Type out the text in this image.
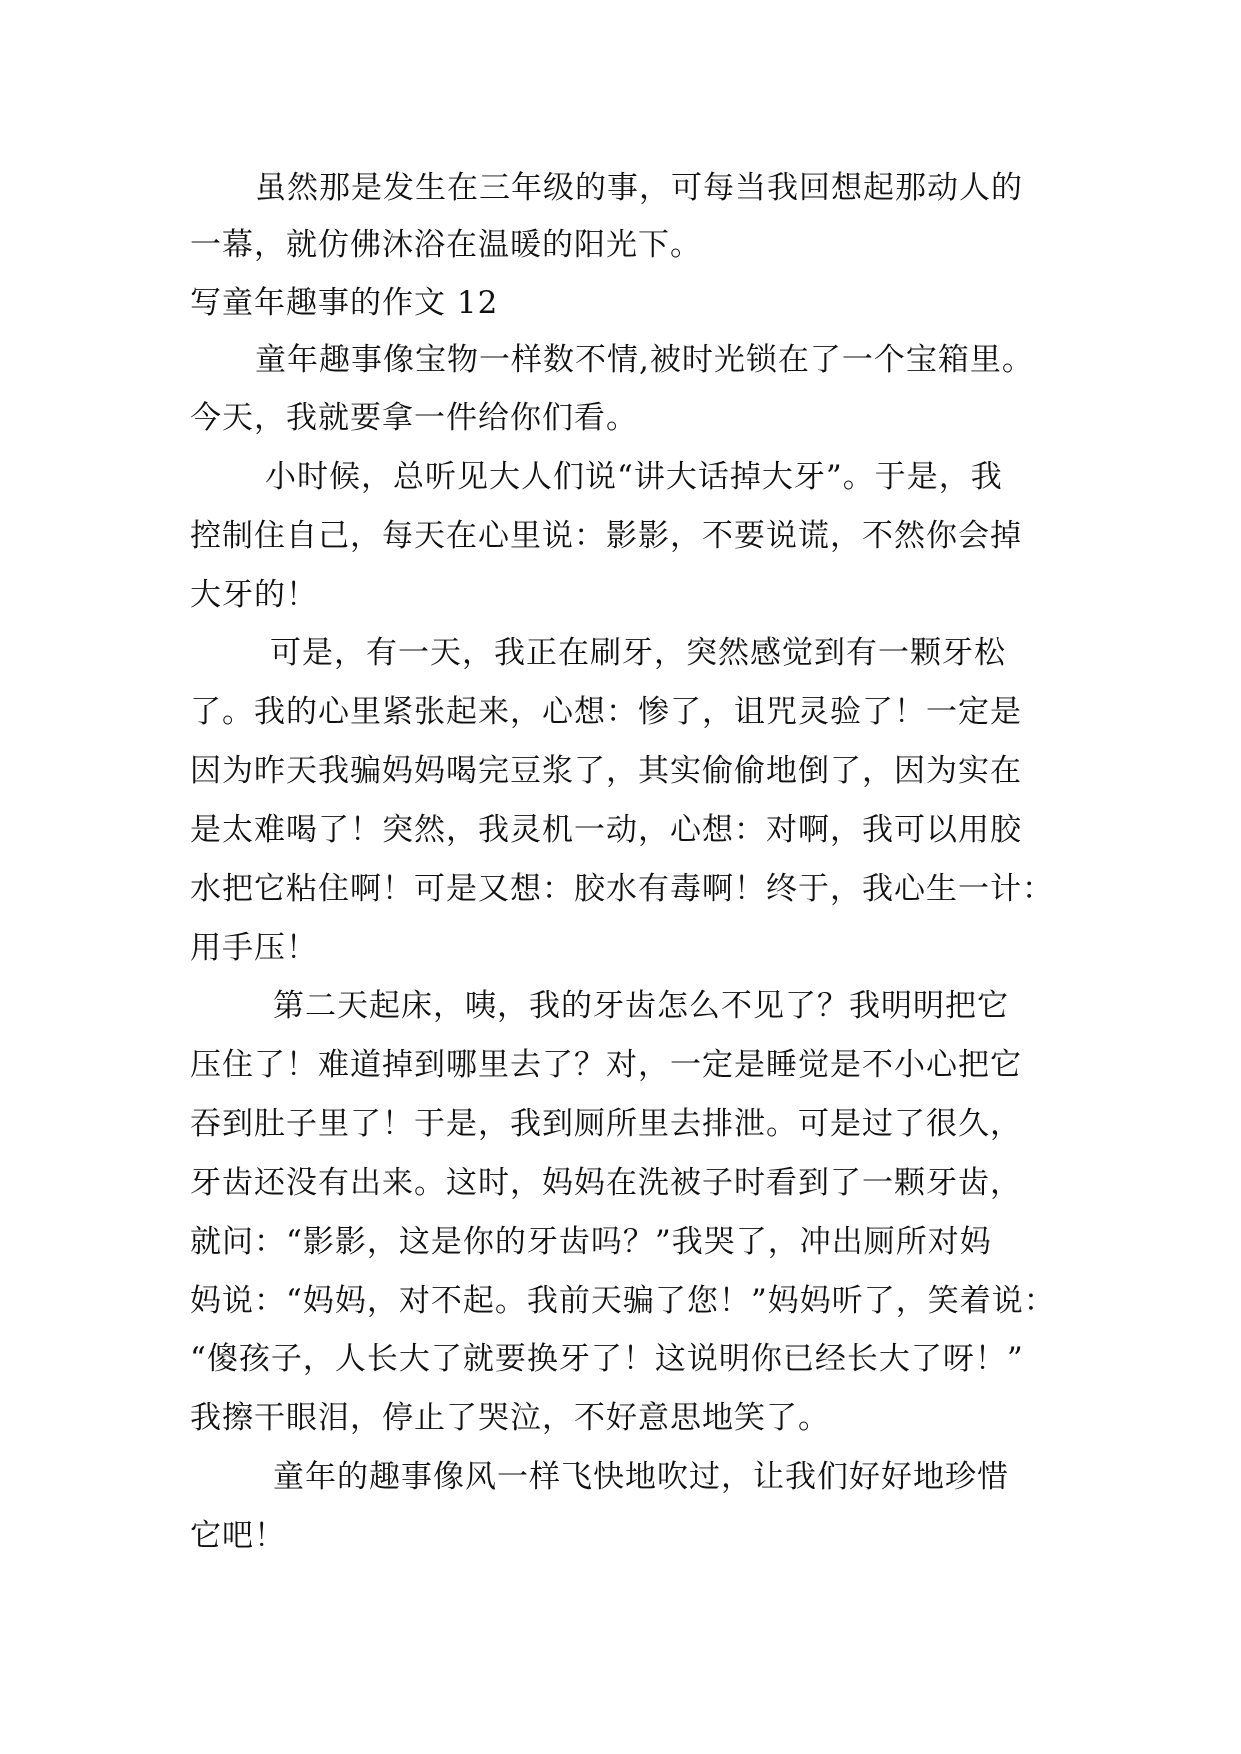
虽然那是发生在三年级的事，可每当我回想起那动人的
一幕，就仿佛沐浴在温暖的阳光下。
写童年趣事的作文 12
童年趣事像宝物一样数不情,被时光锁在了一个宝箱里。
今天，我就要拿一件给你们看。
小时候，总听见大人们说“讲大话掉大牙”。于是，我
控制住自己，每天在心里说：影影，不要说谎，不然你会掉
大牙的！
可是，有一天，我正在刷牙，突然感觉到有一颗牙松
了。我的心里紧张起来，心想：惨了，诅咒灵验了！一定是
因为昨天我骗妈妈喝完豆浆了，其实偷偷地倒了，因为实在
是太难喝了！突然，我灵机一动，心想：对啊，我可以用胶
水把它粘住啊！可是又想：胶水有毒啊！终于，我心生一计：
用手压！
第二天起床，咦，我的牙齿怎么不见了？我明明把它
压住了！难道掉到哪里去了？对，一定是睡觉是不小心把它
吞到肚子里了！于是，我到厕所里去排泄。可是过了很久，
牙齿还没有出来。这时，妈妈在洗被子时看到了一颗牙齿，
就问：“影影，这是你的牙齿吗？”我哭了，冲出厕所对妈
妈说：“妈妈，对不起。我前天骗了您！”妈妈听了，笑着说：
“傻孩子，人长大了就要换牙了！这说明你已经长大了呀！”
我擦干眼泪，停止了哭泣，不好意思地笑了。
童年的趣事像风一样飞快地吹过，让我们好好地珍惜
它吧！
